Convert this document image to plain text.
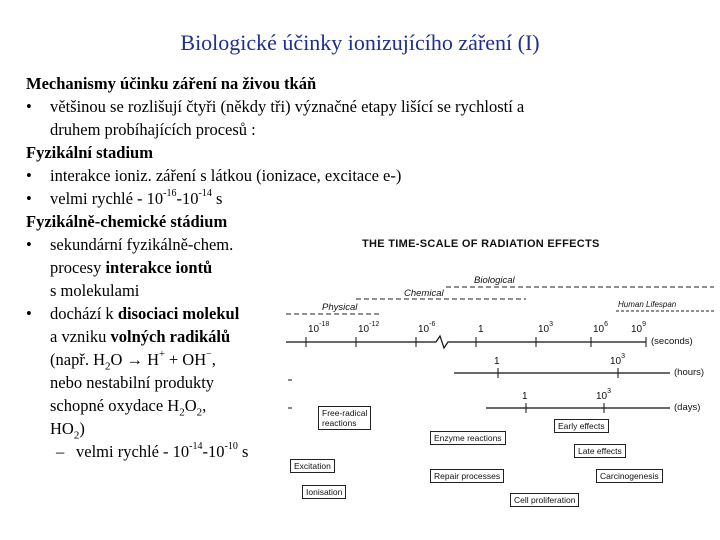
Biologické účinky ionizujícího záření (I)
Mechanismy účinku záření na živou tkáň
• většinou se rozlišují čtyři (někdy tři) význačné etapy lišící se rychlostí a
druhem probíhajících procesů :
Fyzikální stadium
• interakce ioniz. záření s látkou (ionizace, excitace e-)
• velmi rychlé - $10^{-16}-10^{-14}$ s
Fyzikálně-chemické stádium
• sekundární fyzikálně-chem.
procesy interakce iontů
s molekulami
• dochází k disociaci molekul
a vzniku volných radikálů
(např. $H_2O \to H^+ + OH^-$,
nebo nestabilní produkty
schopné oxydace $H_2O_2$,
$HO_2$)
– velmi rychlé - $10^{-14}-10^{-10}$ s
THE TIME-SCALE OF RADIATION EFFECTS
Biological
Chemical
Physical	Human Lifespan
$10^{-18}$	$10^{-12}$	$10^{-6}$	1	$10^3$	$10^6$ $10^9$
(seconds)
1	$10^3$
(hours)
1	$10^3$
(days)
Free-radical
reactions
Enzyme reactions
Early effects
Late effects
Excitation
Repair processes	Carcinogenesis
Ionisation
Cell proliferation
